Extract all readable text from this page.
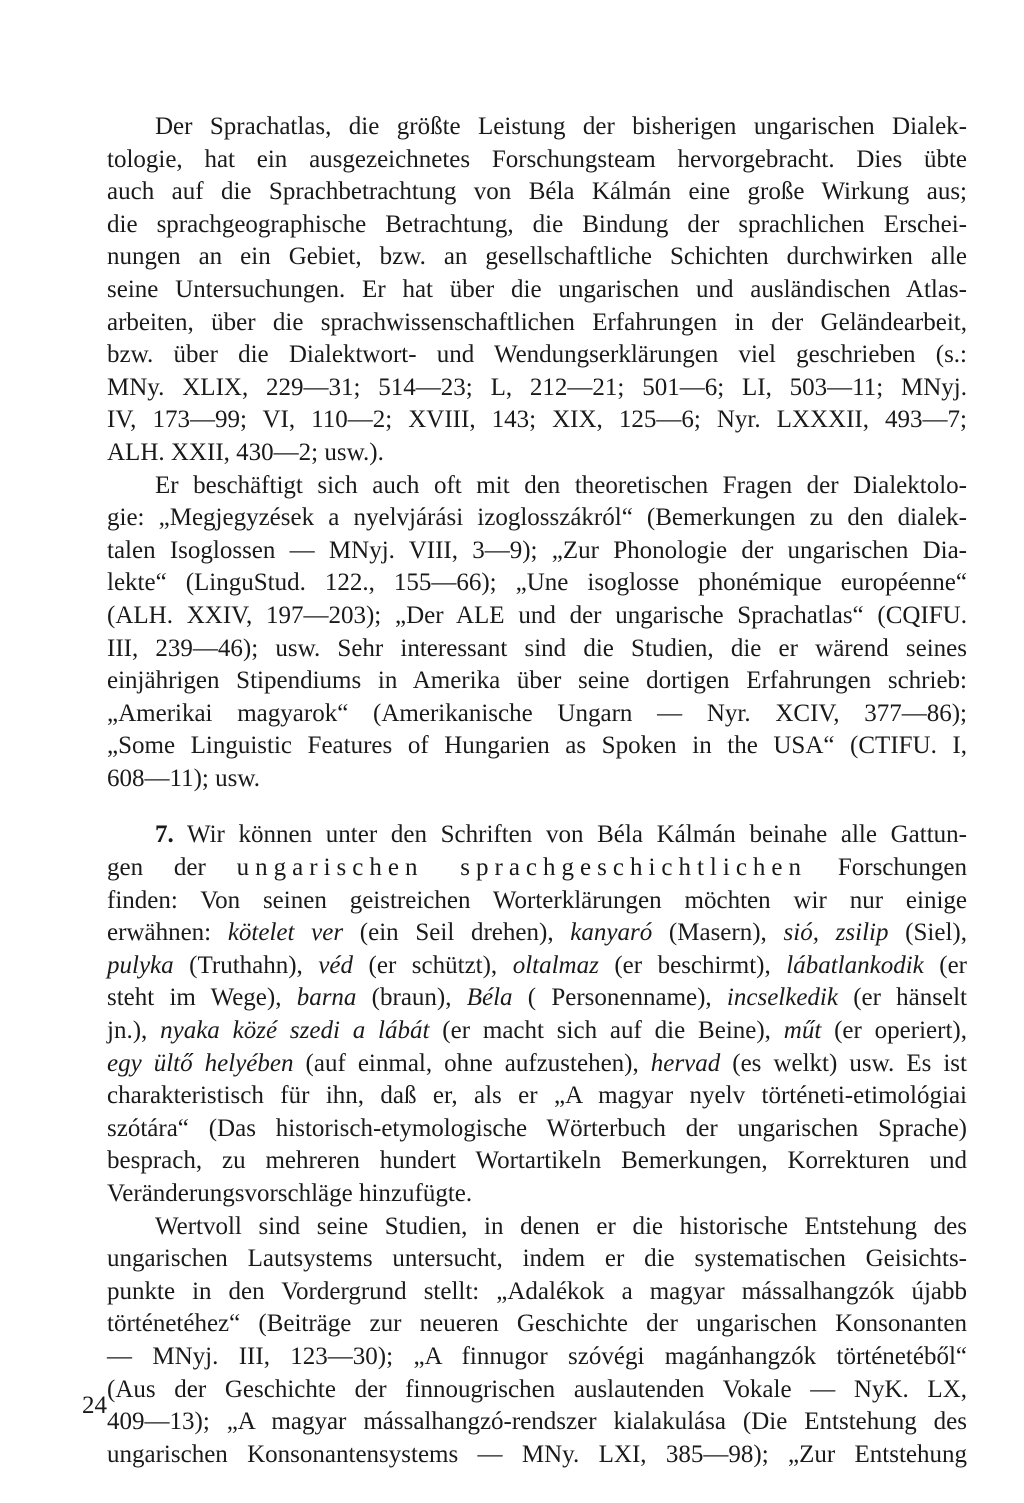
Der Sprachatlas, die größte Leistung der bisherigen ungarischen Dialek-
tologie, hat ein ausgezeichnetes Forschungsteam hervorgebracht. Dies übte
auch auf die Sprachbetrachtung von Béla Kálmán eine große Wirkung aus;
die sprachgeographische Betrachtung, die Bindung der sprachlichen Erschei-
nungen an ein Gebiet, bzw. an gesellschaftliche Schichten durchwirken alle
seine Untersuchungen. Er hat über die ungarischen und ausländischen Atlas-
arbeiten, über die sprachwissenschaftlichen Erfahrungen in der Geländearbeit,
bzw. über die Dialektwort- und Wendungserklärungen viel geschrieben (s.:
MNy. XLIX, 229—31; 514—23; L, 212—21; 501—6; LI, 503—11; MNyj.
IV, 173—99; VI, 110—2; XVIII, 143; XIX, 125—6; Nyr. LXXXII, 493—7;
ALH. XXII, 430—2; usw.).
Er beschäftigt sich auch oft mit den theoretischen Fragen der Dialektolo-
gie: „Megjegyzések a nyelvjárási izoglosszákról“ (Bemerkungen zu den dialek-
talen Isoglossen — MNyj. VIII, 3—9); „Zur Phonologie der ungarischen Dia-
lekte“ (LinguStud. 122., 155—66); „Une isoglosse phonémique européenne“
(ALH. XXIV, 197—203); „Der ALE und der ungarische Sprachatlas“ (CQIFU.
III, 239—46); usw. Sehr interessant sind die Studien, die er wärend seines
einjährigen Stipendiums in Amerika über seine dortigen Erfahrungen schrieb:
„Amerikai magyarok“ (Amerikanische Ungarn — Nyr. XCIV, 377—86);
„Some Linguistic Features of Hungarien as Spoken in the USA“ (CTIFU. I,
608—11); usw.
7. Wir können unter den Schriften von Béla Kálmán beinahe alle Gattun-
gen der ungarischen sprachgeschichtlichen Forschungen
finden: Von seinen geistreichen Worterklärungen möchten wir nur einige
erwähnen: kötelet ver (ein Seil drehen), kanyaró (Masern), sió, zsilip (Siel),
pulyka (Truthahn), véd (er schützt), oltalmaz (er beschirmt), lábatlankodik (er
steht im Wege), barna (braun), Béla ( Personenname), incselkedik (er hänselt
jn.), nyaka közé szedi a lábát (er macht sich auf die Beine), műt (er operiert),
egy ültő helyében (auf einmal, ohne aufzustehen), hervad (es welkt) usw. Es ist
charakteristisch für ihn, daß er, als er „A magyar nyelv történeti-etimológiai
szótára“ (Das historisch-etymologische Wörterbuch der ungarischen Sprache)
besprach, zu mehreren hundert Wortartikeln Bemerkungen, Korrekturen und
Veränderungsvorschläge hinzufügte.
Wertvoll sind seine Studien, in denen er die historische Entstehung des
ungarischen Lautsystems untersucht, indem er die systematischen Geisichts-
punkte in den Vordergrund stellt: „Adalékok a magyar mássalhangzók újabb
történetéhez“ (Beiträge zur neueren Geschichte der ungarischen Konsonanten
— MNyj. III, 123—30); „A finnugor szóvégi magánhangzók történetéből“
(Aus der Geschichte der finnougrischen auslautenden Vokale — NyK. LX,
409—13); „A magyar mássalhangzó-rendszer kialakulása (Die Entstehung des
ungarischen Konsonantensystems — MNy. LXI, 385—98); „Zur Entstehung
24
